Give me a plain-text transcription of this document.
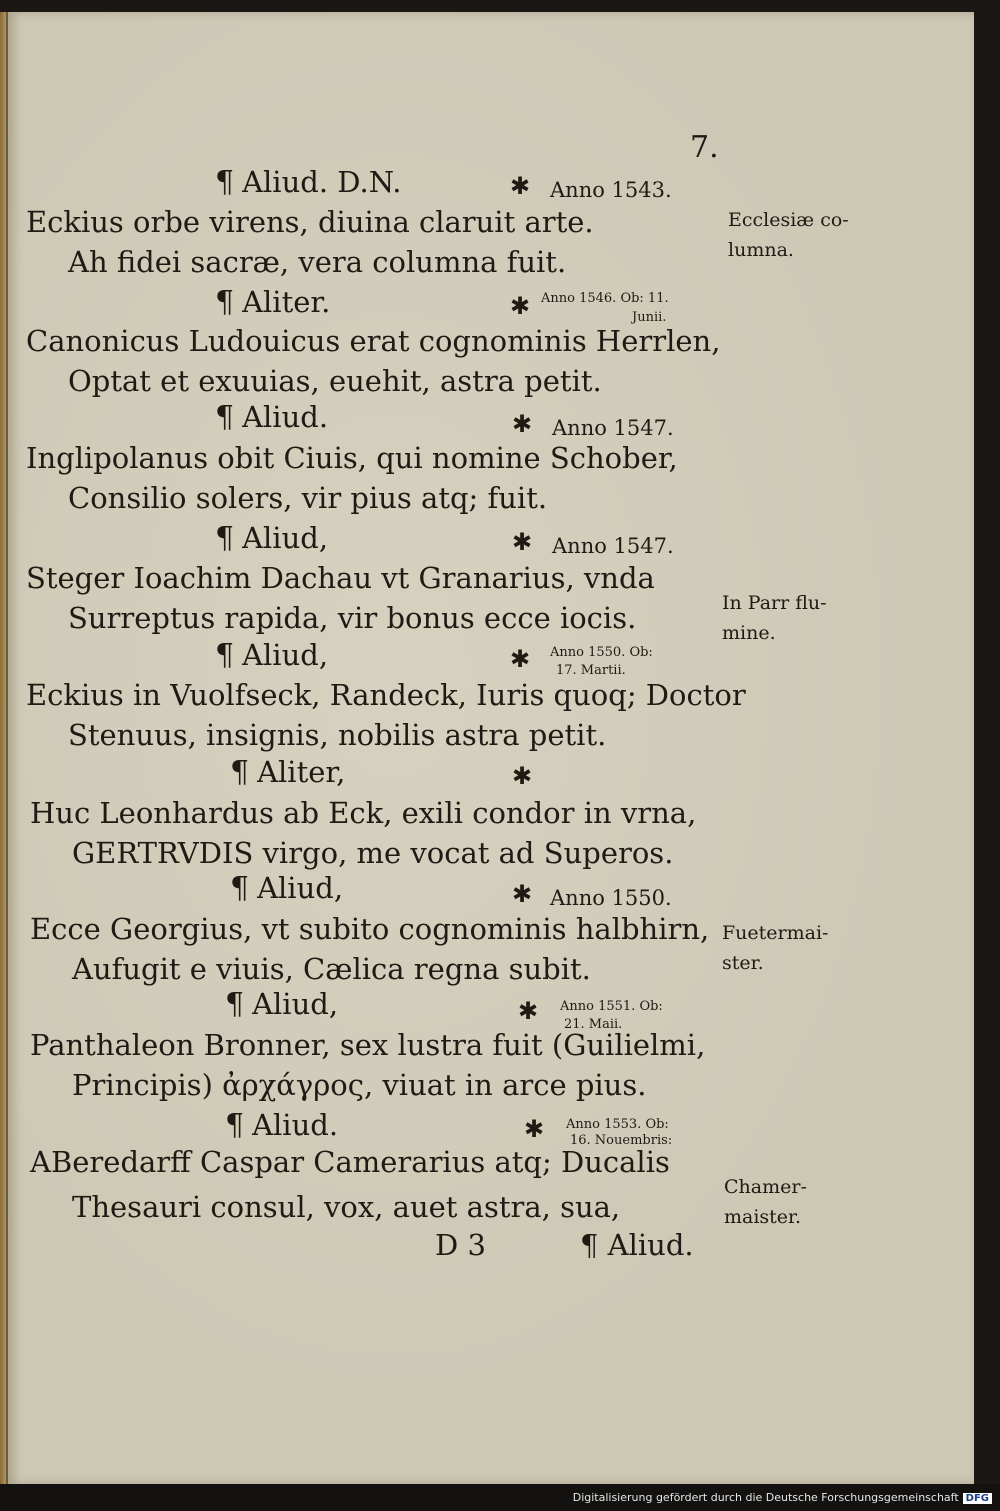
7.
¶ Aliud. D.N.	✱ Anno 1543.
Eckius orbe virens, diuina claruit arte.
Ah fidei sacræ, vera columna fuit.
¶ Aliter.	✱ Anno 1546. Ob: 11.
Junii.
Canonicus Ludouicus erat cognominis Herrlen,
Optat et exuuias, euehit, astra petit.
¶ Aliud.	✱ Anno 1547.
Inglipolanus obit Ciuis, qui nomine Schober,
Consilio solers, vir pius atq; fuit.
¶ Aliud,	✱ Anno 1547.
Steger Ioachim Dachau vt Granarius, vnda
Surreptus rapida, vir bonus ecce iocis.
¶ Aliud,	✱ Anno 1550. Ob:
17. Martii.
Eckius in Vuolfseck, Randeck, Iuris quoq; Doctor
Stenuus, insignis, nobilis astra petit.
¶ Aliter,	✱
Huc Leonhardus ab Eck, exili condor in vrna,
GERTRVDIS virgo, me vocat ad Superos.
¶ Aliud,	✱ Anno 1550.
Ecce Georgius, vt subito cognominis halbhirn,
Aufugit e viuis, Cælica regna subit.
¶ Aliud,	✱ Anno 1551. Ob:
21. Maii.
Panthaleon Bronner, sex lustra fuit (Guilielmi,
Principis) ἀρχάγρος, viuat in arce pius.
¶ Aliud.	✱ Anno 1553. Ob:
16. Nouembris:
ABeredarff Caspar Camerarius atq; Ducalis
Thesauri consul, vox, auet astra, sua,
D 3	¶ Aliud.
Ecclesiæ co- lumna.
In Parr flu- mine.
Fuetermai- ster.
Chamer- maister.
Digitalisierung gefördert durch die Deutsche Forschungsgemeinschaft DFG
